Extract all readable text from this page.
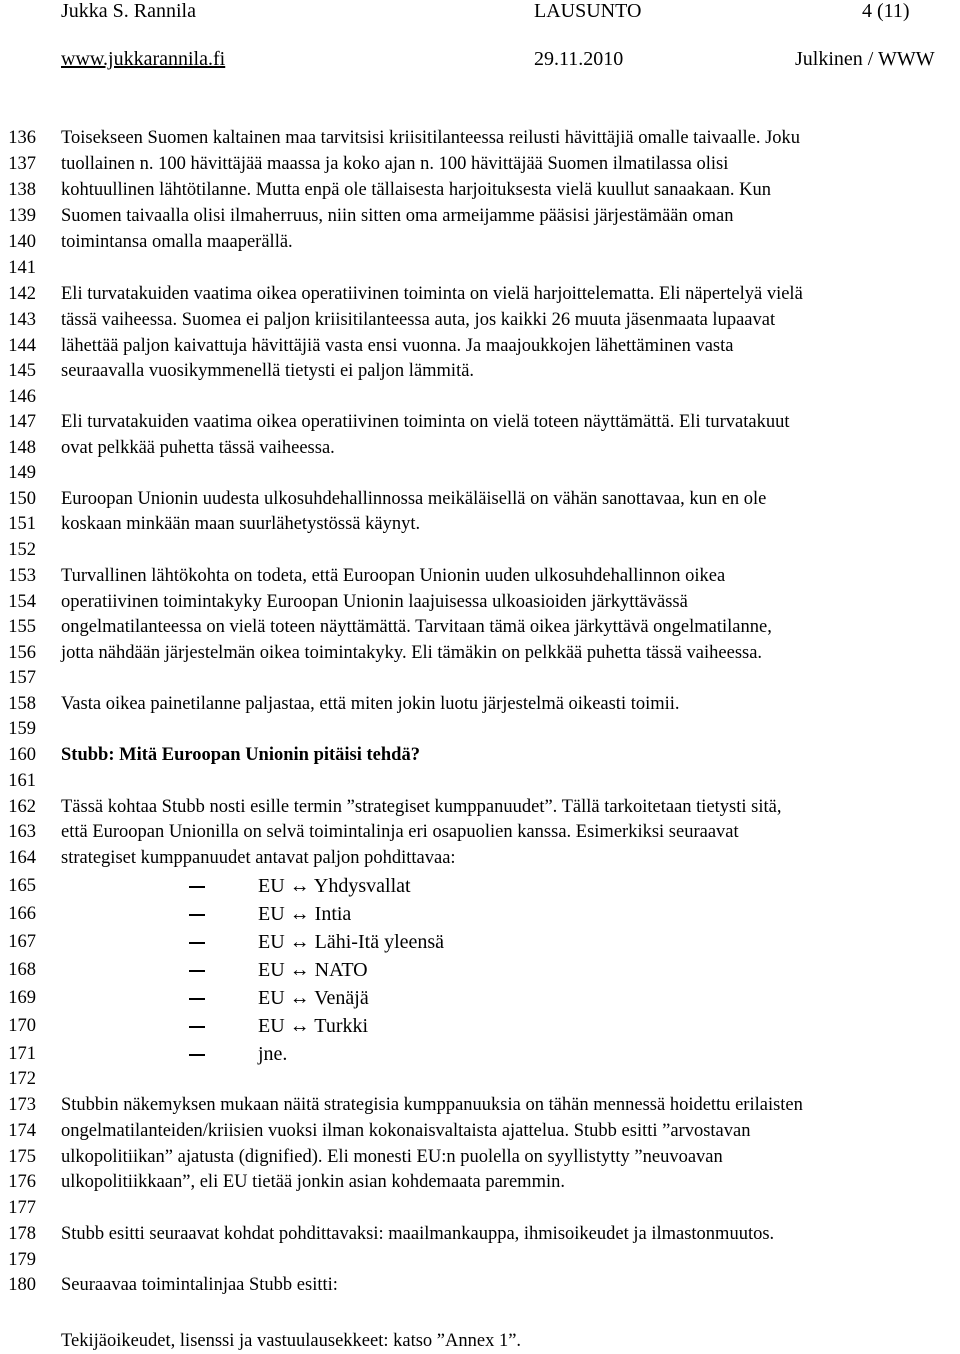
Jukka S. Rannila	LAUSUNTO	4 (11)
www.jukkarannila.fi	29.11.2010	Julkinen / WWW
136
137
138
139
140
141
142
143
144
145
146
147
148
149
150
151
152
153
154
155
156
157
158
159
160
161
162
163
164
165
166
167
168
169
170
171
172
173
174
175
176
177
178
179
180
Toisekseen Suomen kaltainen maa tarvitsisi kriisitilanteessa reilusti hävittäjiä omalle taivaalle. Joku
tuollainen n. 100 hävittäjää maassa ja koko ajan n. 100 hävittäjää Suomen ilmatilassa olisi
kohtuullinen lähtötilanne. Mutta enpä ole tällaisesta harjoituksesta vielä kuullut sanaakaan. Kun
Suomen taivaalla olisi ilmaherruus, niin sitten oma armeijamme pääsisi järjestämään oman
toimintansa omalla maaperällä.
Eli turvatakuiden vaatima oikea operatiivinen toiminta on vielä harjoittelematta. Eli näpertelyä vielä
tässä vaiheessa. Suomea ei paljon kriisitilanteessa auta, jos kaikki 26 muuta jäsenmaata lupaavat
lähettää paljon kaivattuja hävittäjiä vasta ensi vuonna. Ja maajoukkojen lähettäminen vasta
seuraavalla vuosikymmenellä tietysti ei paljon lämmitä.
Eli turvatakuiden vaatima oikea operatiivinen toiminta on vielä toteen näyttämättä. Eli turvatakuut
ovat pelkkää puhetta tässä vaiheessa.
Euroopan Unionin uudesta ulkosuhdehallinnossa meikäläisellä on vähän sanottavaa, kun en ole
koskaan minkään maan suurlähetystössä käynyt.
Turvallinen lähtökohta on todeta, että Euroopan Unionin uuden ulkosuhdehallinnon oikea
operatiivinen toimintakyky Euroopan Unionin laajuisessa ulkoasioiden järkyttävässä
ongelmatilanteessa on vielä toteen näyttämättä. Tarvitaan tämä oikea järkyttävä ongelmatilanne,
jotta nähdään järjestelmän oikea toimintakyky. Eli tämäkin on pelkkää puhetta tässä vaiheessa.
Vasta oikea painetilanne paljastaa, että miten jokin luotu järjestelmä oikeasti toimii.
Stubb: Mitä Euroopan Unionin pitäisi tehdä?
Tässä kohtaa Stubb nosti esille termin ”strategiset kumppanuudet”. Tällä tarkoitetaan tietysti sitä,
että Euroopan Unionilla on selvä toimintalinja eri osapuolien kanssa. Esimerkiksi seuraavat
strategiset kumppanuudet antavat paljon pohdittavaa:
EU ↔ Yhdysvallat
EU ↔ Intia
EU ↔ Lähi-Itä yleensä
EU ↔ NATO
EU ↔ Venäjä
EU ↔ Turkki
jne.
Stubbin näkemyksen mukaan näitä strategisia kumppanuuksia on tähän mennessä hoidettu erilaisten
ongelmatilanteiden/kriisien vuoksi ilman kokonaisvaltaista ajattelua. Stubb esitti ”arvostavan
ulkopolitiikan” ajatusta (dignified). Eli monesti EU:n puolella on syyllistytty ”neuvoavan
ulkopolitiikkaan”, eli EU tietää jonkin asian kohdemaata paremmin.
Stubb esitti seuraavat kohdat pohdittavaksi: maailmankauppa, ihmisoikeudet ja ilmastonmuutos.
Seuraavaa toimintalinjaa Stubb esitti:
Tekijäoikeudet, lisenssi ja vastuulausekkeet: katso ”Annex 1”.
